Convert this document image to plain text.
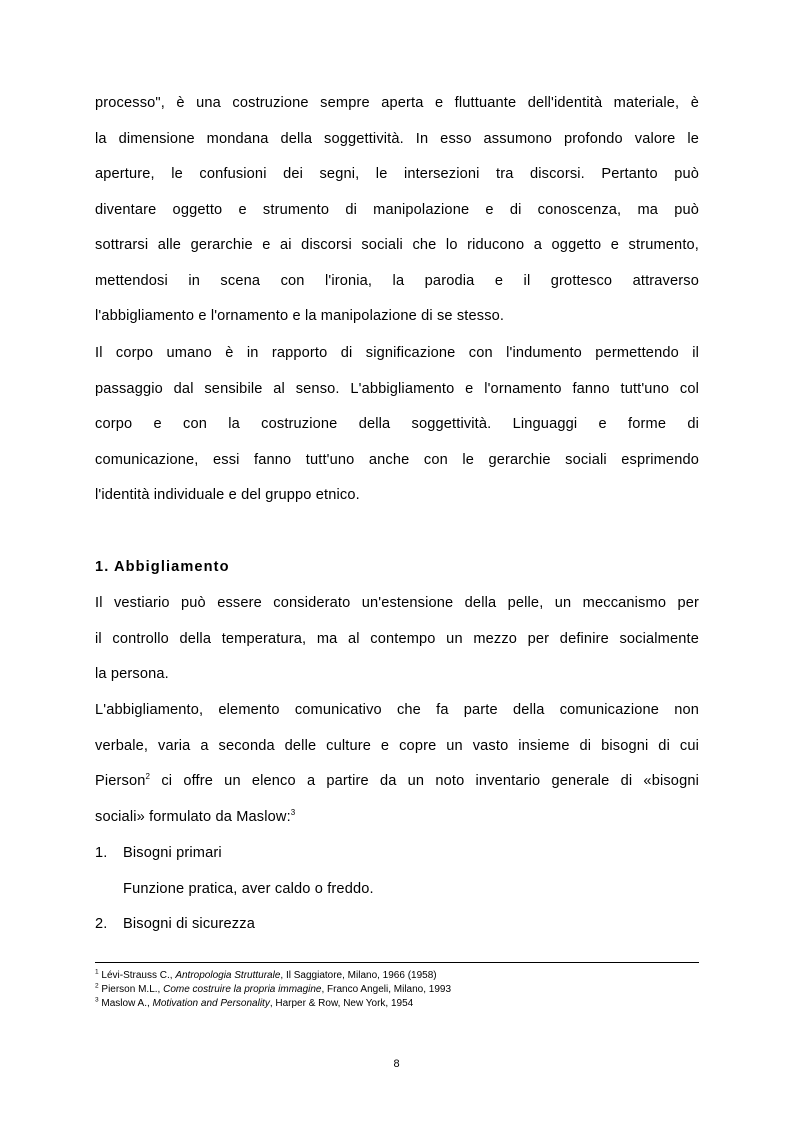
processo", è una costruzione sempre aperta e fluttuante dell'identità materiale, è
la dimensione mondana della soggettività. In esso assumono profondo valore le
aperture, le confusioni dei segni, le intersezioni tra discorsi. Pertanto può
diventare oggetto e strumento di manipolazione e di conoscenza, ma può
sottrarsi alle gerarchie e ai discorsi sociali che lo riducono a oggetto e strumento,
mettendosi in scena con l'ironia, la parodia e il grottesco attraverso
l'abbigliamento e l'ornamento e la manipolazione di se stesso.
Il corpo umano è in rapporto di significazione con l'indumento permettendo il
passaggio dal sensibile al senso. L'abbigliamento e l'ornamento fanno tutt'uno col
corpo e con la costruzione della soggettività. Linguaggi e forme di
comunicazione, essi fanno tutt'uno anche con le gerarchie sociali esprimendo
l'identità individuale e del gruppo etnico.
1. Abbigliamento
Il vestiario può essere considerato un'estensione della pelle, un meccanismo per
il controllo della temperatura, ma al contempo un mezzo per definire socialmente
la persona.
L'abbigliamento, elemento comunicativo che fa parte della comunicazione non
verbale, varia a seconda delle culture e copre un vasto insieme di bisogni di cui
Pierson$^2$ ci offre un elenco a partire da un noto inventario generale di «bisogni
sociali» formulato da Maslow:$^3$
1. Bisogni primari
Funzione pratica, aver caldo o freddo.
2. Bisogni di sicurezza
$^1$ Lévi-Strauss C., Antropologia Strutturale, Il Saggiatore, Milano, 1966 (1958)
$^2$ Pierson M.L., Come costruire la propria immagine, Franco Angeli, Milano, 1993
$^3$ Maslow A., Motivation and Personality, Harper & Row, New York, 1954
8
